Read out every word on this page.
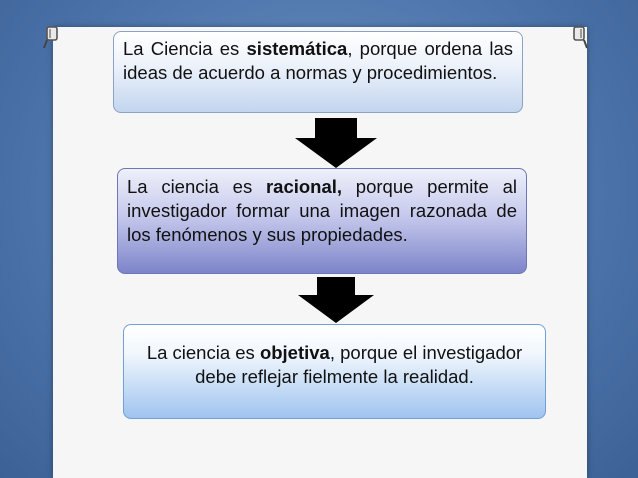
La Ciencia es sistemática, porque ordena las ideas de acuerdo a normas y procedimientos.
La ciencia es racional, porque permite al investigador formar una imagen razonada de los fenómenos y sus propiedades.
La ciencia es objetiva, porque el investigador debe reflejar fielmente la realidad.
